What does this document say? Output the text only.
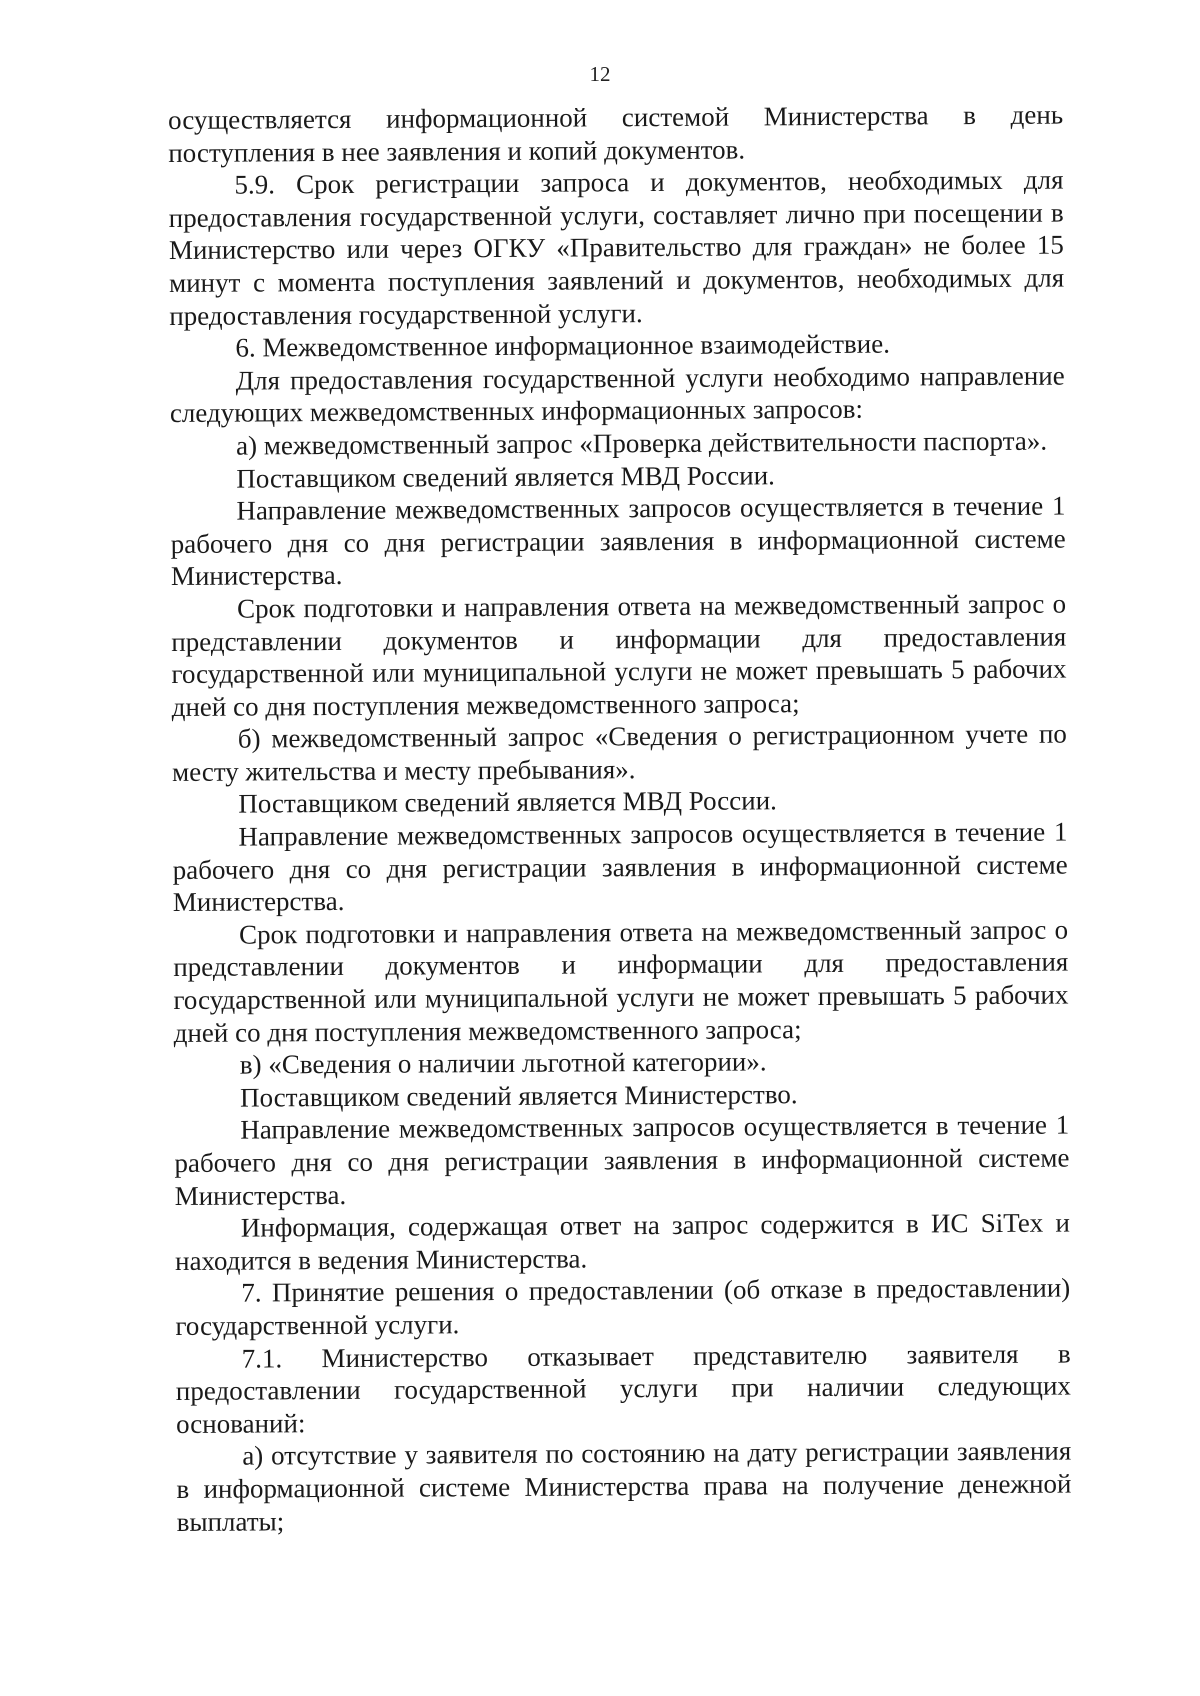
12

осуществляется информационной системой Министерства в день поступления в нее заявления и копий документов.

5.9. Срок регистрации запроса и документов, необходимых для предоставления государственной услуги, составляет лично при посещении в Министерство или через ОГКУ «Правительство для граждан» не более 15 минут с момента поступления заявлений и документов, необходимых для предоставления государственной услуги.

6. Межведомственное информационное взаимодействие.

Для предоставления государственной услуги необходимо направление следующих межведомственных информационных запросов:

а) межведомственный запрос «Проверка действительности паспорта».

Поставщиком сведений является МВД России.

Направление межведомственных запросов осуществляется в течение 1 рабочего дня со дня регистрации заявления в информационной системе Министерства.

Срок подготовки и направления ответа на межведомственный запрос о представлении документов и информации для предоставления государственной или муниципальной услуги не может превышать 5 рабочих дней со дня поступления межведомственного запроса;

б) межведомственный запрос «Сведения о регистрационном учете по месту жительства и месту пребывания».

Поставщиком сведений является МВД России.

Направление межведомственных запросов осуществляется в течение 1 рабочего дня со дня регистрации заявления в информационной системе Министерства.

Срок подготовки и направления ответа на межведомственный запрос о представлении документов и информации для предоставления государственной или муниципальной услуги не может превышать 5 рабочих дней со дня поступления межведомственного запроса;

в) «Сведения о наличии льготной категории».

Поставщиком сведений является Министерство.

Направление межведомственных запросов осуществляется в течение 1 рабочего дня со дня регистрации заявления в информационной системе Министерства.

Информация, содержащая ответ на запрос содержится в ИС SiTex и находится в ведения Министерства.

7. Принятие решения о предоставлении (об отказе в предоставлении) государственной услуги.

7.1. Министерство отказывает представителю заявителя в предоставлении государственной услуги при наличии следующих оснований:

а) отсутствие у заявителя по состоянию на дату регистрации заявления в информационной системе Министерства права на получение денежной выплаты;
